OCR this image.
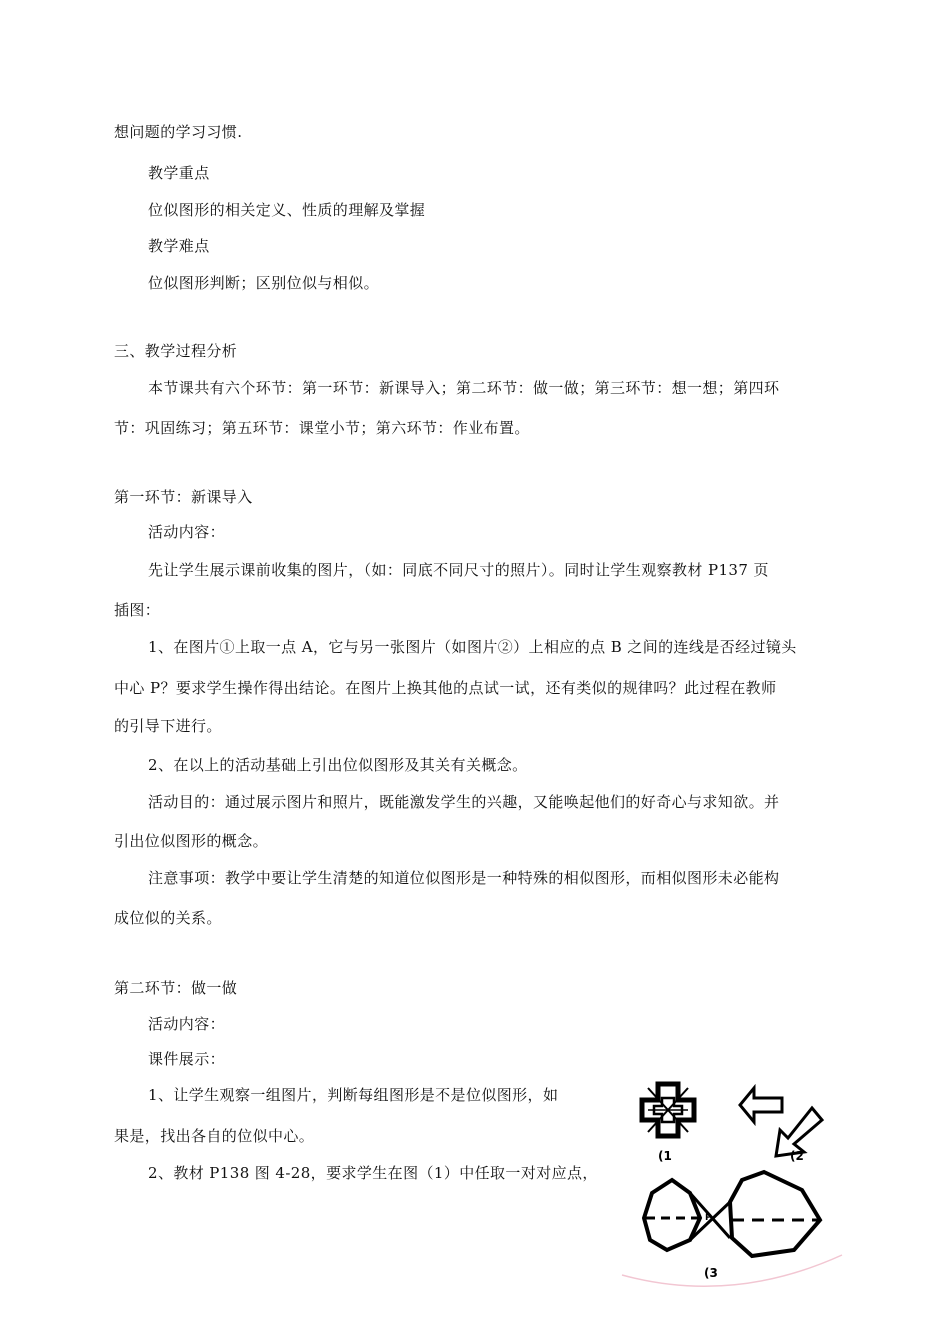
想问题的学习习惯.
教学重点
位似图形的相关定义、性质的理解及掌握
教学难点
位似图形判断；区别位似与相似。
三、教学过程分析
本节课共有六个环节：第一环节：新课导入；第二环节：做一做；第三环节：想一想；第四环
节：巩固练习；第五环节：课堂小节；第六环节：作业布置。
第一环节：新课导入
活动内容：
先让学生展示课前收集的图片，（如：同底不同尺寸的照片）。同时让学生观察教材 P137 页
插图：
1、在图片①上取一点 A，它与另一张图片（如图片②）上相应的点 B 之间的连线是否经过镜头
中心 P？要求学生操作得出结论。在图片上换其他的点试一试，还有类似的规律吗？此过程在教师
的引导下进行。
2、在以上的活动基础上引出位似图形及其关有关概念。
活动目的：通过展示图片和照片，既能激发学生的兴趣，又能唤起他们的好奇心与求知欲。并
引出位似图形的概念。
注意事项：教学中要让学生清楚的知道位似图形是一种特殊的相似图形，而相似图形未必能构
成位似的关系。
第二环节：做一做
活动内容：
课件展示：
1、让学生观察一组图片，判断每组图形是不是位似图形，如
果是，找出各自的位似中心。
2、教材 P138 图 4-28，要求学生在图（1）中任取一对对应点，
(1	(2
P
(3
